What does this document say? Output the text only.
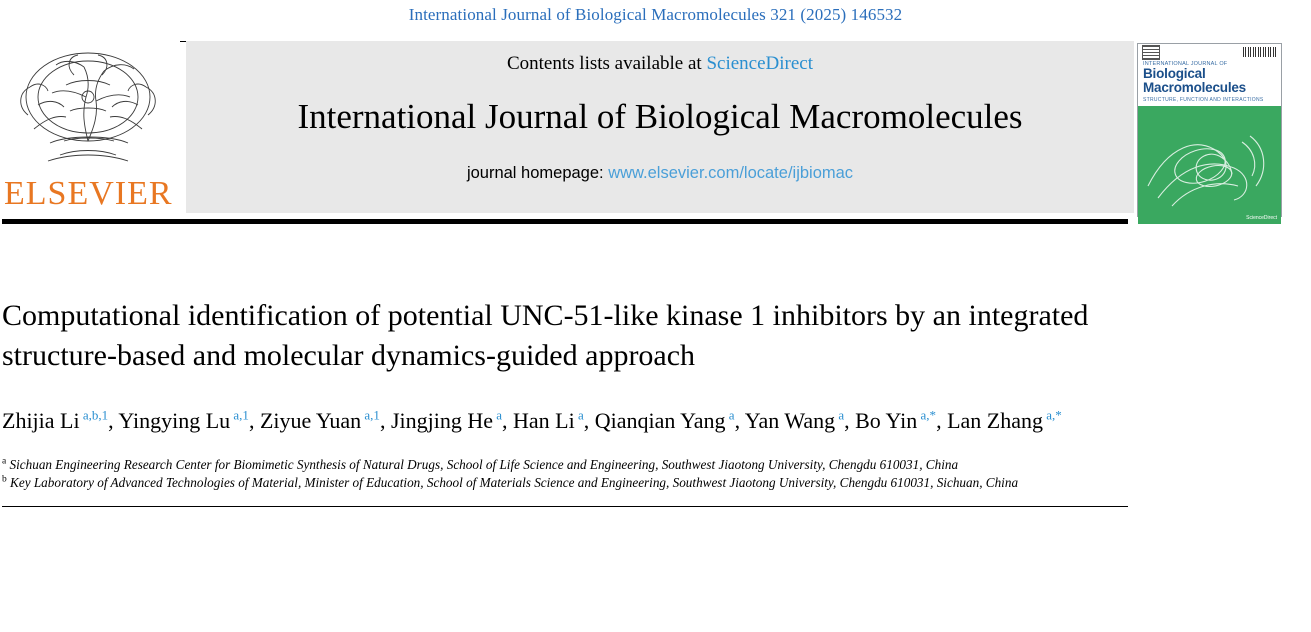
International Journal of Biological Macromolecules 321 (2025) 146532
ELSEVIER
Contents lists available at ScienceDirect
International Journal of Biological Macromolecules
journal homepage: www.elsevier.com/locate/ijbiomac
INTERNATIONAL JOURNAL OF
Biological
Macromolecules
STRUCTURE, FUNCTION AND INTERACTIONS
ScienceDirect
Computational identification of potential UNC-51-like kinase 1 inhibitors by an integrated structure-based and molecular dynamics-guided approach
Zhijia Li $^{a,b,1}$, Yingying Lu $^{a,1}$, Ziyue Yuan $^{a,1}$, Jingjing He $^a$, Han Li $^a$, Qianqian Yang $^a$, Yan Wang $^a$, Bo Yin $^{a,*}$, Lan Zhang $^{a,*}$
$^a$ Sichuan Engineering Research Center for Biomimetic Synthesis of Natural Drugs, School of Life Science and Engineering, Southwest Jiaotong University, Chengdu 610031, China
$^b$ Key Laboratory of Advanced Technologies of Material, Minister of Education, School of Materials Science and Engineering, Southwest Jiaotong University, Chengdu 610031, Sichuan, China
